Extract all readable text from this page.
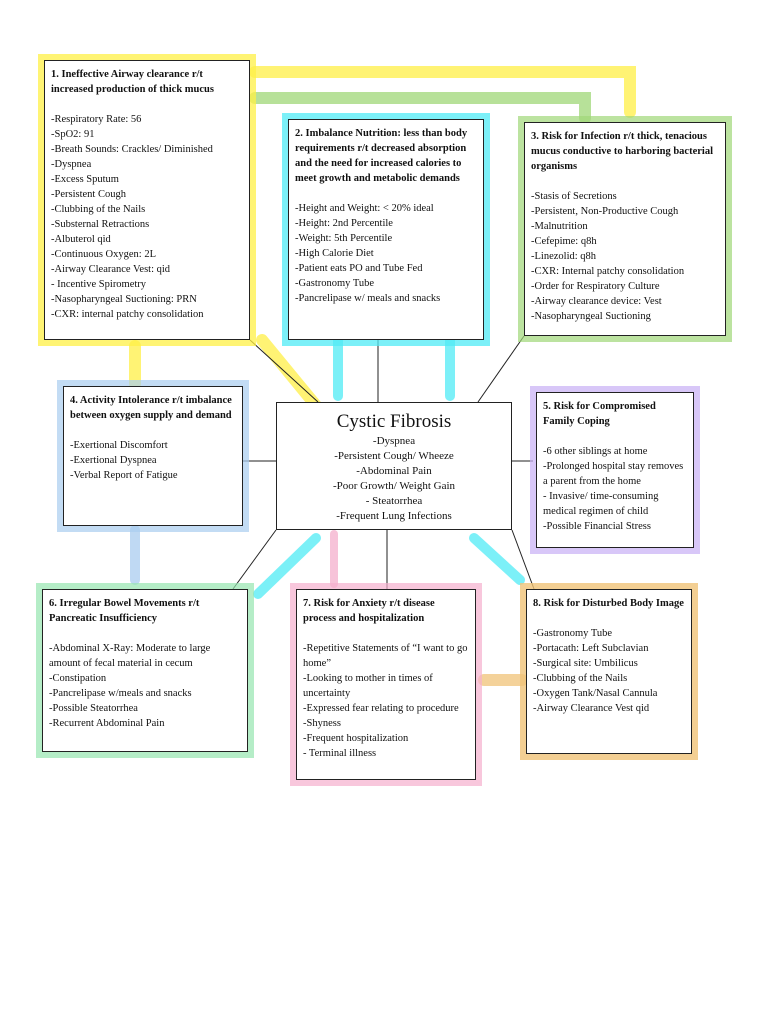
1. Ineffective Airway clearance r/t increased production of thick mucus
-Respiratory Rate: 56
-SpO2: 91
-Breath Sounds: Crackles/ Diminished
-Dyspnea
-Excess Sputum
-Persistent Cough
-Clubbing of the Nails
-Substernal Retractions
-Albuterol qid
-Continuous Oxygen: 2L
-Airway Clearance Vest: qid
- Incentive Spirometry
-Nasopharyngeal Suctioning: PRN
-CXR: internal patchy consolidation
2. Imbalance Nutrition: less than body requirements r/t decreased absorption and the need for increased calories to meet growth and metabolic demands
-Height and Weight: < 20% ideal
-Height: 2nd Percentile
-Weight: 5th Percentile
-High Calorie Diet
-Patient eats PO and Tube Fed
-Gastronomy Tube
-Pancrelipase w/ meals and snacks
3. Risk for Infection r/t thick, tenacious mucus conductive to harboring bacterial organisms
-Stasis of Secretions
-Persistent, Non-Productive Cough
-Malnutrition
-Cefepime: q8h
-Linezolid: q8h
-CXR: Internal patchy consolidation
-Order for Respiratory Culture
-Airway clearance device: Vest
-Nasopharyngeal Suctioning
4. Activity Intolerance r/t imbalance between oxygen supply and demand
-Exertional Discomfort
-Exertional Dyspnea
-Verbal Report of Fatigue
Cystic Fibrosis
-Dyspnea
-Persistent Cough/ Wheeze
-Abdominal Pain
-Poor Growth/ Weight Gain
- Steatorrhea
-Frequent Lung Infections
5. Risk for Compromised Family Coping
-6 other siblings at home
-Prolonged hospital stay removes a parent from the home
- Invasive/ time-consuming medical regimen of child
-Possible Financial Stress
6. Irregular Bowel Movements r/t Pancreatic Insufficiency
-Abdominal X-Ray: Moderate to large amount of fecal material in cecum
-Constipation
-Pancrelipase w/meals and snacks
-Possible Steatorrhea
-Recurrent Abdominal Pain
7. Risk for Anxiety r/t disease process and hospitalization
-Repetitive Statements of “I want to go home”
-Looking to mother in times of uncertainty
-Expressed fear relating to procedure
-Shyness
-Frequent hospitalization
- Terminal illness
8. Risk for Disturbed Body Image
-Gastronomy Tube
-Portacath: Left Subclavian
-Surgical site: Umbilicus
-Clubbing of the Nails
-Oxygen Tank/Nasal Cannula
-Airway Clearance Vest qid
